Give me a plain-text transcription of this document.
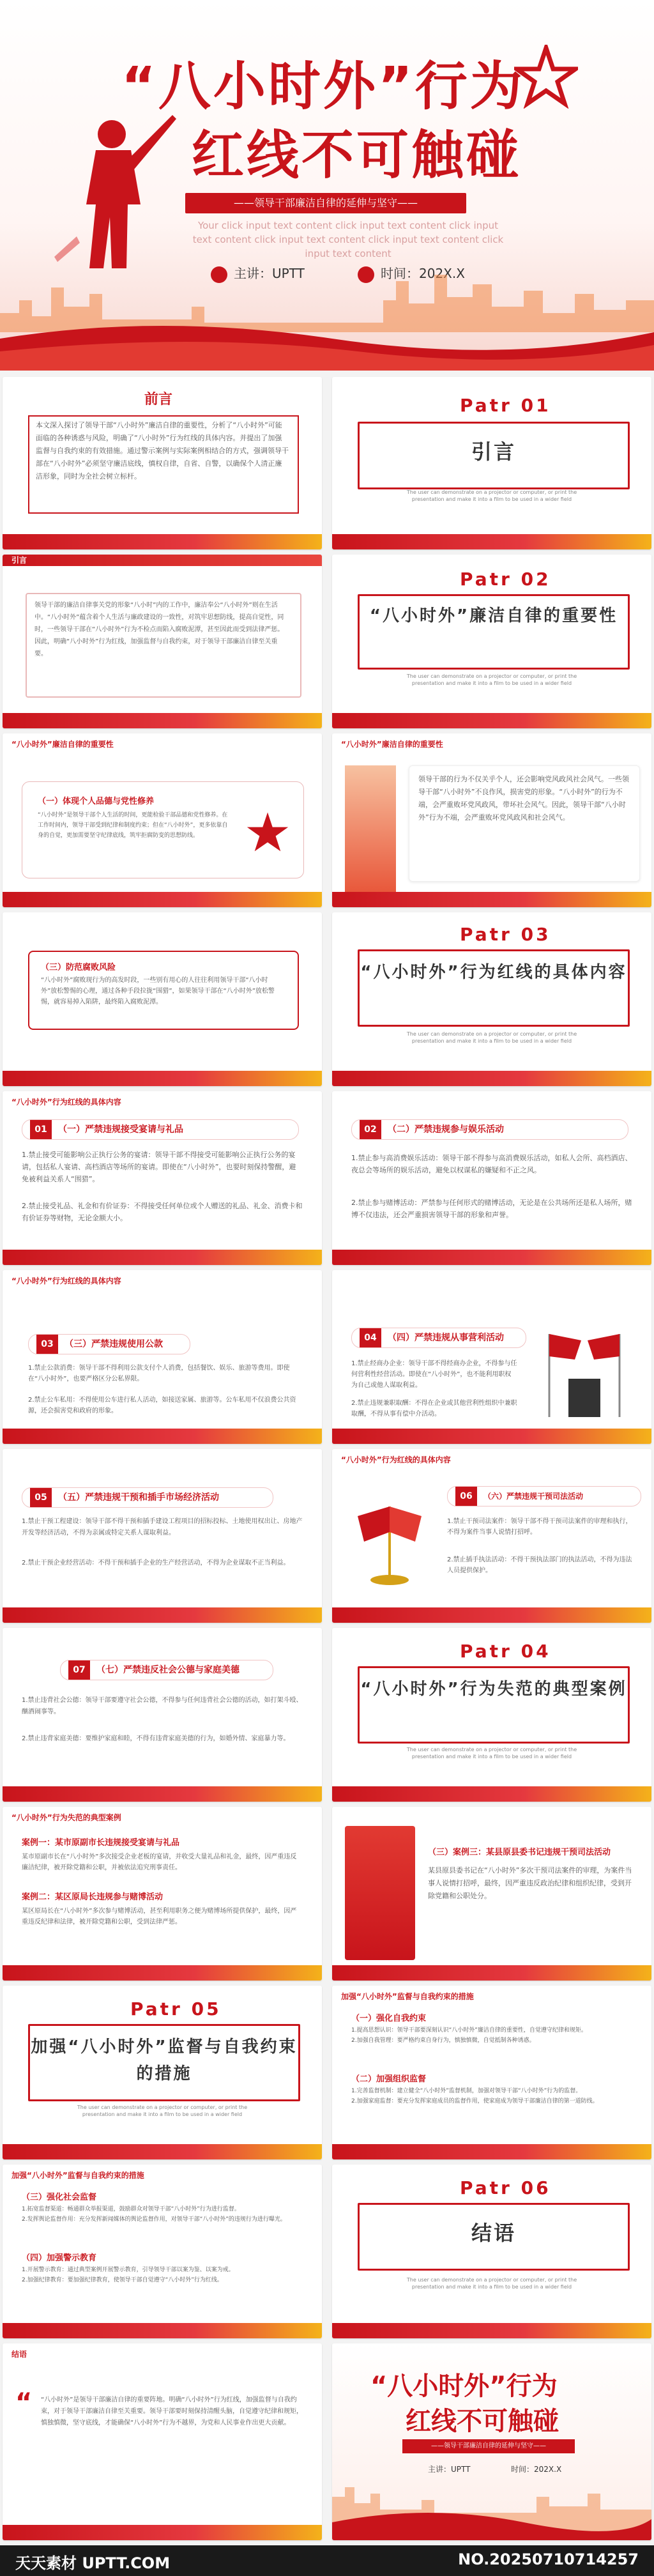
“八小时外”行为
红线不可触碰
——领导干部廉洁自律的延伸与坚守——
Your click input text content click input text content click input text content click input text content click input text content click input text content
主讲：UPTT	时间：202X.X
前言
本文深入探讨了领导干部“八小时外”廉洁自律的重要性，分析了“八小时外”可能面临的各种诱惑与风险，明确了“八小时外”行为红线的具体内容。并提出了加强监督与自我约束的有效措施。通过警示案例与实际案例相结合的方式，强调领导干部在“八小时外”必须坚守廉洁底线，慎权自律，自省、自警，以确保个人清正廉洁形象，同时为全社会树立标杆。
Patr 01
引言
The user can demonstrate on a projector or computer, or print the presentation and make it into a film to be used in a wider field
引言
领导干部的廉洁自律事关党的形象“八小时”内的工作中，廉洁奉公“八小时外”则在生活中。“八小时外”蕴含着个人生活与廉政建设的一致性，对筑牢思想防线，提高自觉性，同时，一些领导干部在“八小时外”行为不检点而陷入腐败泥潭，甚至因此而受到法律严惩。因此，明确“八小时外”行为红线，加强监督与自我约束，对于领导干部廉洁自律至关重要。
Patr 02
“八小时外”廉洁自律的重要性
The user can demonstrate on a projector or computer, or print the presentation and make it into a film to be used in a wider field
“八小时外”廉洁自律的重要性
（一）体现个人品德与党性修养
“八小时外”是领导干部个人生活的时间，更能检验干部品德和党性修养。在工作时间内，领导干部受到纪律和制度约束；但在“八小时外”，更多依靠自身的自觉，更加需要坚守纪律底线，筑牢拒腐防变的思想防线。
“八小时外”廉洁自律的重要性
领导干部的行为不仅关乎个人，还会影响党风政风社会风气。一些领导干部“八小时外”不良作风，损害党的形象。“八小时外”的行为不端，会严重败坏党风政风，带坏社会风气。因此，领导干部“八小时外”行为不端，会严重败坏党风政风和社会风气。
（三）防范腐败风险
“八小时外”腐败现行为的高发时段，一些别有用心的人往往利用领导干部“八小时外”放松警惕的心理，通过各种手段拉拢“围猎”，如果领导干部在“八小时外”放松警惕，就容易掉入陷阱，最终陷入腐败泥潭。
Patr 03
“八小时外”行为红线的具体内容
The user can demonstrate on a projector or computer, or print the presentation and make it into a film to be used in a wider field
“八小时外”行为红线的具体内容
01 （一）严禁违规接受宴请与礼品
1.禁止接受可能影响公正执行公务的宴请：领导干部不得接受可能影响公正执行公务的宴请，包括私人宴请、高档酒店等场所的宴请。即使在“八小时外”，也要时刻保持警醒，避免被利益关系人“围猎”。
2.禁止接受礼品、礼金和有价证券：不得接受任何单位或个人赠送的礼品、礼金、消费卡和有价证券等财物，无论金额大小。
02 （二）严禁违规参与娱乐活动
1.禁止参与高消费娱乐活动：领导干部不得参与高消费娱乐活动，如私人会所、高档酒店、夜总会等场所的娱乐活动，避免以权谋私的嫌疑和不正之风。
2.禁止参与赌博活动：严禁参与任何形式的赌博活动，无论是在公共场所还是私人场所，赌博不仅违法，还会严重损害领导干部的形象和声誉。
“八小时外”行为红线的具体内容
03 （三）严禁违规使用公款
1.禁止公款消费：领导干部不得利用公款支付个人消费，包括餐饮、娱乐、旅游等费用。即使在“八小时外”，也要严格区分公私界限。
2.禁止公车私用：不得使用公车进行私人活动，如接送家属、旅游等。公车私用不仅浪费公共资源，还会损害党和政府的形象。
04 （四）严禁违规从事营利活动
1.禁止经商办企业：领导干部不得经商办企业，不得参与任何营利性经营活动。即使在“八小时外”，也不能利用职权为自己或他人谋取利益。
2.禁止违规兼职取酬：不得在企业或其他营利性组织中兼职取酬，不得从事有偿中介活动。
05 （五）严禁违规干预和插手市场经济活动
1.禁止干预工程建设：领导干部不得干预和插手建设工程项目的招标投标、土地使用权出让、房地产开发等经济活动，不得为亲属或特定关系人谋取利益。
2.禁止干预企业经营活动：不得干预和插手企业的生产经营活动，不得为企业谋取不正当利益。
“八小时外”行为红线的具体内容
06 （六）严禁违规干预司法活动
1.禁止干预司法案件：领导干部不得干预司法案件的审理和执行，不得为案件当事人说情打招呼。
2.禁止插手执法活动：不得干预执法部门的执法活动，不得为违法人员提供保护。
07 （七）严禁违反社会公德与家庭美德
1.禁止违背社会公德：领导干部要遵守社会公德，不得参与任何违背社会公德的活动，如打架斗殴、酗酒闹事等。
2.禁止违背家庭美德：要维护家庭和睦，不得有违背家庭美德的行为，如婚外情、家庭暴力等。
Patr 04
“八小时外”行为失范的典型案例
The user can demonstrate on a projector or computer, or print the presentation and make it into a film to be used in a wider field
“八小时外”行为失范的典型案例
案例一：某市原副市长违规接受宴请与礼品
某市原副市长在“八小时外”多次接受企业老板的宴请，并收受大量礼品和礼金，最终，因严重违反廉洁纪律，被开除党籍和公职，并被依法追究刑事责任。
案例二：某区原局长违规参与赌博活动
某区原局长在“八小时外”多次参与赌博活动，甚至利用职务之便为赌博场所提供保护，最终，因严重违反纪律和法律，被开除党籍和公职，受到法律严惩。
（三）案例三：某县原县委书记违规干预司法活动
某县原县委书记在“八小时外”多次干预司法案件的审理，为案件当事人说情打招呼，最终，因严重违反政治纪律和组织纪律，受到开除党籍和公职处分。
Patr 05
加强“八小时外”监督与自我约束的措施
The user can demonstrate on a projector or computer, or print the presentation and make it into a film to be used in a wider field
加强“八小时外”监督与自我约束的措施
（一）强化自我约束
1.提高思想认识：领导干部要深刻认识“八小时外”廉洁自律的重要性，自觉遵守纪律和规矩。
2.加强自我管理：要严格约束自身行为，慎独慎微，自觉抵制各种诱惑。
（二）加强组织监督
1.完善监督机制：建立健全“八小时外”监督机制，加强对领导干部“八小时外”行为的监督。
2.加强家庭监督：要充分发挥家庭成员的监督作用，使家庭成为领导干部廉洁自律的第一道防线。
加强“八小时外”监督与自我约束的措施
（三）强化社会监督
1.拓宽监督渠道：畅通群众举报渠道，鼓励群众对领导干部“八小时外”行为进行监督。
2.发挥舆论监督作用：充分发挥新闻媒体的舆论监督作用，对领导干部“八小时外”的违规行为进行曝光。
（四）加强警示教育
1.开展警示教育：通过典型案例开展警示教育，引导领导干部以案为鉴、以案为戒。
2.加强纪律教育：要加强纪律教育，使领导干部自觉遵守“八小时外”行为红线。
Patr 06
结语
The user can demonstrate on a projector or computer, or print the presentation and make it into a film to be used in a wider field
结语
“ “八小时外”是领导干部廉洁自律的重要阵地。明确“八小时外”行为红线，加强监督与自我约束，对于领导干部廉洁自律至关重要。领导干部要时刻保持清醒头脑，自觉遵守纪律和规矩，慎独慎微，坚守底线，才能确保“八小时外”行为不越界，为党和人民事业作出更大贡献。
“八小时外”行为
红线不可触碰
——领导干部廉洁自律的延伸与坚守——
主讲：UPTT	时间：202X.X
天天素材 UPTT.COM	NO.20250710714257
